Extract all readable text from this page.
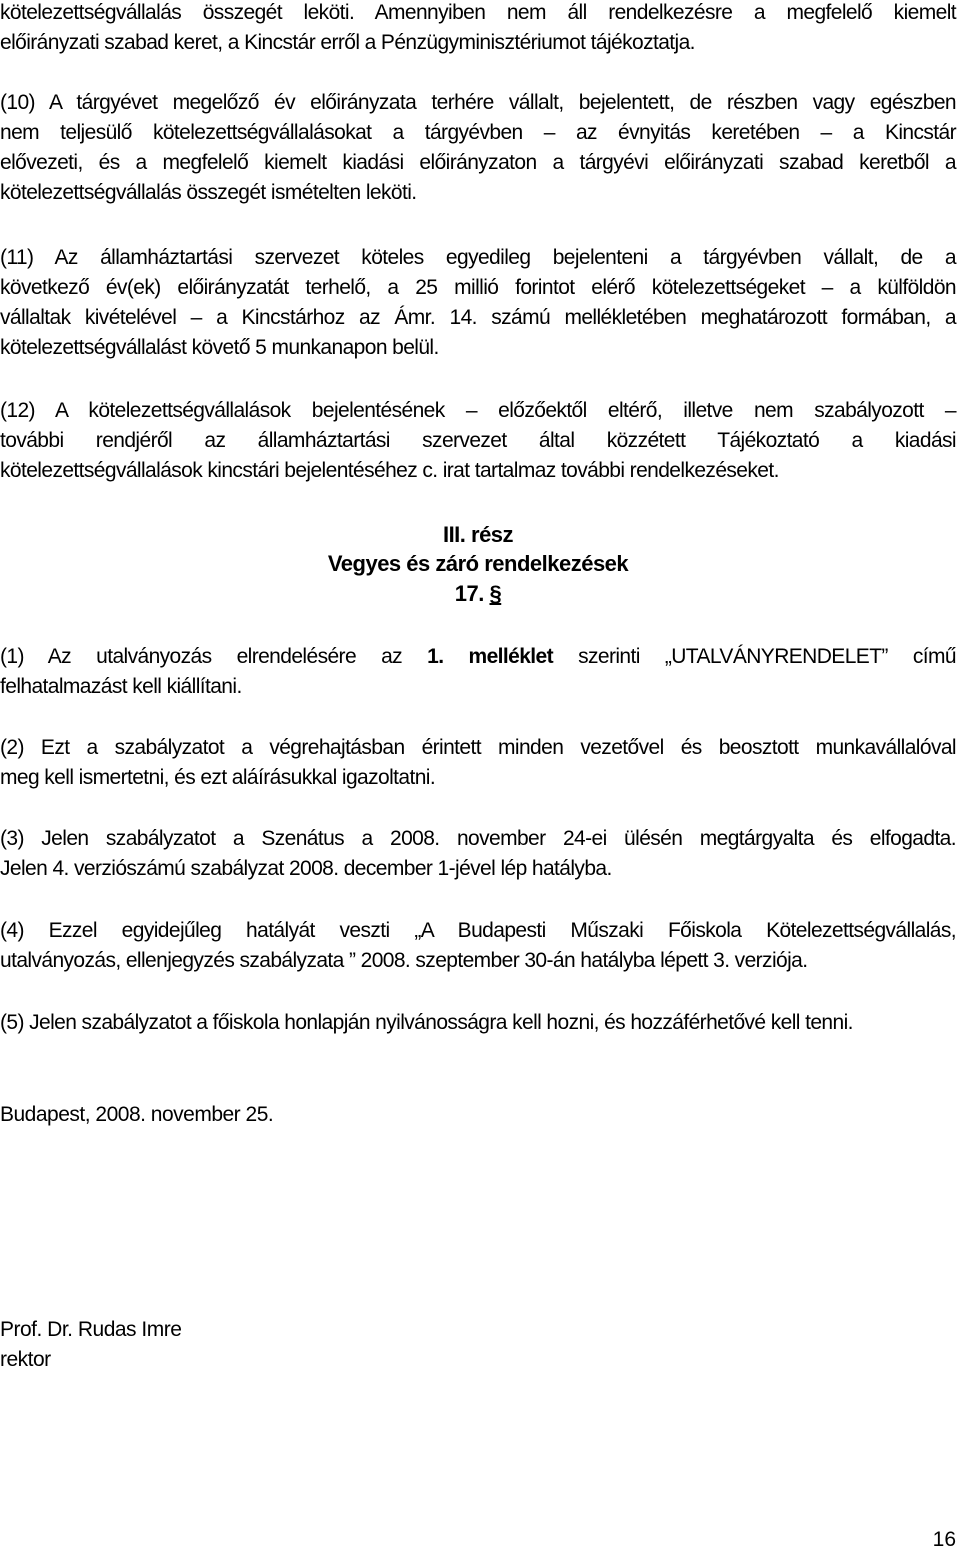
kötelezettségvállalás összegét leköti. Amennyiben nem áll rendelkezésre a megfelelő kiemelt
előirányzati szabad keret, a Kincstár erről a Pénzügyminisztériumot tájékoztatja.
(10) A tárgyévet megelőző év előirányzata terhére vállalt, bejelentett, de részben vagy egészben
nem teljesülő kötelezettségvállalásokat a tárgyévben – az évnyitás keretében – a Kincstár
elővezeti, és a megfelelő kiemelt kiadási előirányzaton a tárgyévi előirányzati szabad keretből a
kötelezettségvállalás összegét ismételten leköti.
(11) Az államháztartási szervezet köteles egyedileg bejelenteni a tárgyévben vállalt, de a
következő év(ek) előirányzatát terhelő, a 25 millió forintot elérő kötelezettségeket – a külföldön
vállaltak kivételével – a Kincstárhoz az Ámr. 14. számú mellékletében meghatározott formában, a
kötelezettségvállalást követő 5 munkanapon belül.
(12) A kötelezettségvállalások bejelentésének – előzőektől eltérő, illetve nem szabályozott –
további rendjéről az államháztartási szervezet által közzétett Tájékoztató a kiadási
kötelezettségvállalások kincstári bejelentéséhez c. irat tartalmaz további rendelkezéseket.
III. rész
Vegyes és záró rendelkezések
17. §
(1) Az utalványozás elrendelésére az 1. melléklet szerinti „UTALVÁNYRENDELET” című
felhatalmazást kell kiállítani.
(2) Ezt a szabályzatot a végrehajtásban érintett minden vezetővel és beosztott munkavállalóval
meg kell ismertetni, és ezt aláírásukkal igazoltatni.
(3) Jelen szabályzatot a Szenátus a 2008. november 24-ei ülésén megtárgyalta és elfogadta.
Jelen 4. verziószámú szabályzat 2008. december 1-jével lép hatályba.
(4) Ezzel egyidejűleg hatályát veszti „A Budapesti Műszaki Főiskola Kötelezettségvállalás,
utalványozás, ellenjegyzés szabályzata ” 2008. szeptember 30-án hatályba lépett 3. verziója.
(5) Jelen szabályzatot a főiskola honlapján nyilvánosságra kell hozni, és hozzáférhetővé kell tenni.
Budapest, 2008. november 25.
Prof. Dr. Rudas Imre
rektor
16
